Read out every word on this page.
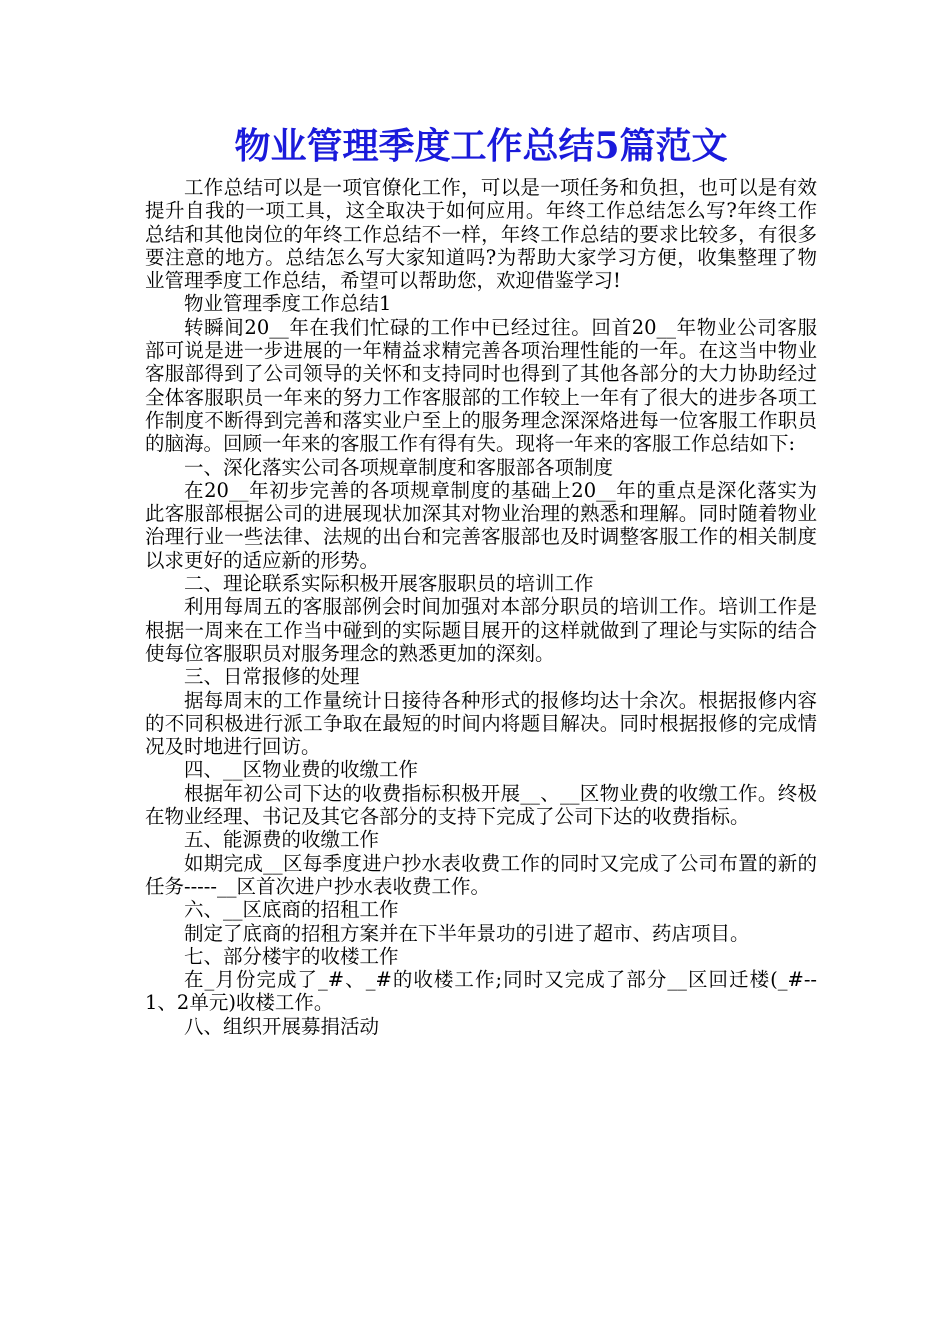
物业管理季度工作总结5篇范文

工作总结可以是一项官僚化工作，可以是一项任务和负担，也可以是有效提升自我的一项工具，这全取决于如何应用。年终工作总结怎么写?年终工作总结和其他岗位的年终工作总结不一样，年终工作总结的要求比较多，有很多要注意的地方。总结怎么写大家知道吗?为帮助大家学习方便，收集整理了物业管理季度工作总结，希望可以帮助您，欢迎借鉴学习!

物业管理季度工作总结1

转瞬间20__年在我们忙碌的工作中已经过往。回首20__年物业公司客服部可说是进一步进展的一年精益求精完善各项治理性能的一年。在这当中物业客服部得到了公司领导的关怀和支持同时也得到了其他各部分的大力协助经过全体客服职员一年来的努力工作客服部的工作较上一年有了很大的进步各项工作制度不断得到完善和落实业户至上的服务理念深深烙进每一位客服工作职员的脑海。回顾一年来的客服工作有得有失。现将一年来的客服工作总结如下:

一、深化落实公司各项规章制度和客服部各项制度

在20__年初步完善的各项规章制度的基础上20__年的重点是深化落实为此客服部根据公司的进展现状加深其对物业治理的熟悉和理解。同时随着物业治理行业一些法律、法规的出台和完善客服部也及时调整客服工作的相关制度以求更好的适应新的形势。

二、理论联系实际积极开展客服职员的培训工作

利用每周五的客服部例会时间加强对本部分职员的培训工作。培训工作是根据一周来在工作当中碰到的实际题目展开的这样就做到了理论与实际的结合使每位客服职员对服务理念的熟悉更加的深刻。

三、日常报修的处理

据每周末的工作量统计日接待各种形式的报修均达十余次。根据报修内容的不同积极进行派工争取在最短的时间内将题目解决。同时根据报修的完成情况及时地进行回访。

四、__区物业费的收缴工作

根据年初公司下达的收费指标积极开展__、__区物业费的收缴工作。终极在物业经理、书记及其它各部分的支持下完成了公司下达的收费指标。

五、能源费的收缴工作

如期完成__区每季度进户抄水表收费工作的同时又完成了公司布置的新的任务-----__区首次进户抄水表收费工作。

六、__区底商的招租工作

制定了底商的招租方案并在下半年景功的引进了超市、药店项目。

七、部分楼宇的收楼工作

在_月份完成了_#、_#的收楼工作;同时又完成了部分__区回迁楼(_#--1、2单元)收楼工作。

八、组织开展募捐活动
